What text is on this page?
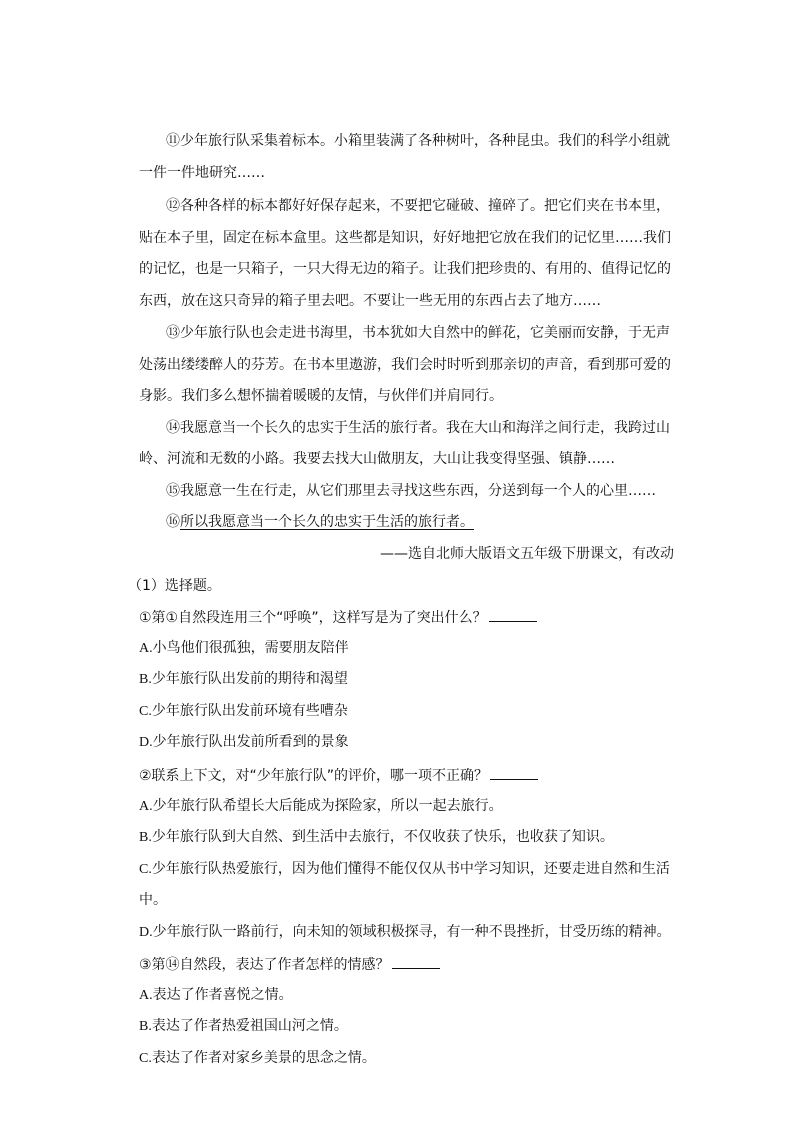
⑪少年旅行队采集着标本。小箱里装满了各种树叶，各种昆虫。我们的科学小组就
一件一件地研究……
⑫各种各样的标本都好好保存起来，不要把它碰破、撞碎了。把它们夹在书本里，
贴在本子里，固定在标本盒里。这些都是知识，好好地把它放在我们的记忆里……我们
的记忆，也是一只箱子，一只大得无边的箱子。让我们把珍贵的、有用的、值得记忆的
东西，放在这只奇异的箱子里去吧。不要让一些无用的东西占去了地方……
⑬少年旅行队也会走进书海里，书本犹如大自然中的鲜花，它美丽而安静，于无声
处荡出缕缕醉人的芬芳。在书本里遨游，我们会时时听到那亲切的声音，看到那可爱的
身影。我们多么想怀揣着暖暖的友情，与伙伴们并肩同行。
⑭我愿意当一个长久的忠实于生活的旅行者。我在大山和海洋之间行走，我跨过山
岭、河流和无数的小路。我要去找大山做朋友，大山让我变得坚强、镇静……
⑮我愿意一生在行走，从它们那里去寻找这些东西，分送到每一个人的心里……
⑯所以我愿意当一个长久的忠实于生活的旅行者。
——选自北师大版语文五年级下册课文，有改动
（1）选择题。
①第①自然段连用三个“呼唤”，这样写是为了突出什么？
A.小鸟他们很孤独，需要朋友陪伴
B.少年旅行队出发前的期待和渴望
C.少年旅行队出发前环境有些嘈杂
D.少年旅行队出发前所看到的景象
②联系上下文，对“少年旅行队”的评价，哪一项不正确？
A.少年旅行队希望长大后能成为探险家，所以一起去旅行。
B.少年旅行队到大自然、到生活中去旅行，不仅收获了快乐，也收获了知识。
C.少年旅行队热爱旅行，因为他们懂得不能仅仅从书中学习知识，还要走进自然和生活
中。
D.少年旅行队一路前行，向未知的领域积极探寻，有一种不畏挫折，甘受历练的精神。
③第⑭自然段，表达了作者怎样的情感？
A.表达了作者喜悦之情。
B.表达了作者热爱祖国山河之情。
C.表达了作者对家乡美景的思念之情。
